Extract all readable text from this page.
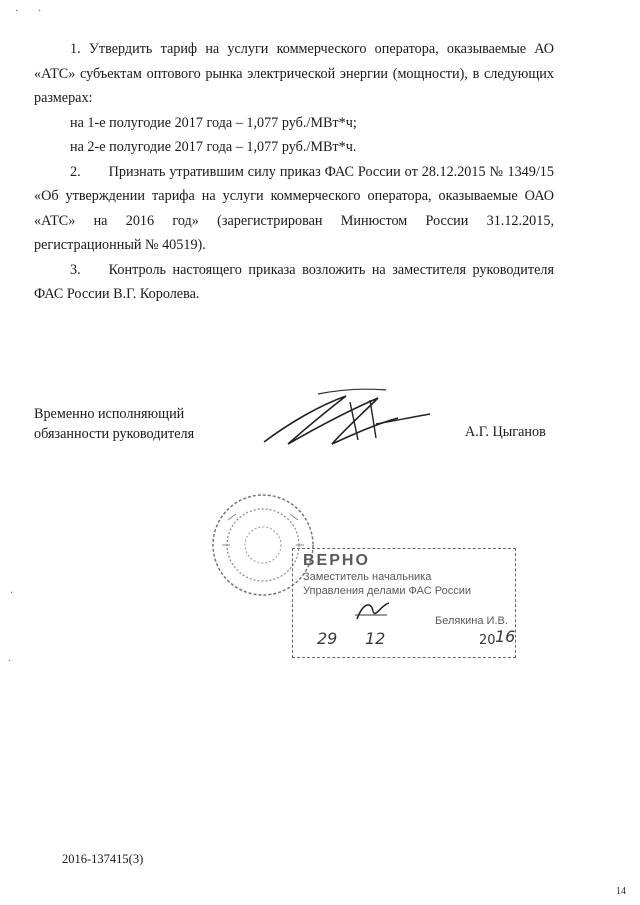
· ·

1. Утвердить тариф на услуги коммерческого оператора, оказываемые АО «АТС» субъектам оптового рынка электрической энергии (мощности), в следующих размерах:

на 1-е полугодие 2017 года – 1,077 руб./МВт*ч;

на 2-е полугодие 2017 года – 1,077 руб./МВт*ч.

2. Признать утратившим силу приказ ФАС России от 28.12.2015 № 1349/15 «Об утверждении тарифа на услуги коммерческого оператора, оказываемые ОАО «АТС» на 2016 год» (зарегистрирован Минюстом России 31.12.2015, регистрационный № 40519).

3. Контроль настоящего приказа возложить на заместителя руководителя ФАС России В.Г. Королева.

Временно исполняющий
обязанности руководителя	А.Г. Цыганов
ВЕРНО
Заместитель начальника
Управления делами ФАС России
Белякина И.В.
29 12	20 16
·
·
2016-137415(3)
14
